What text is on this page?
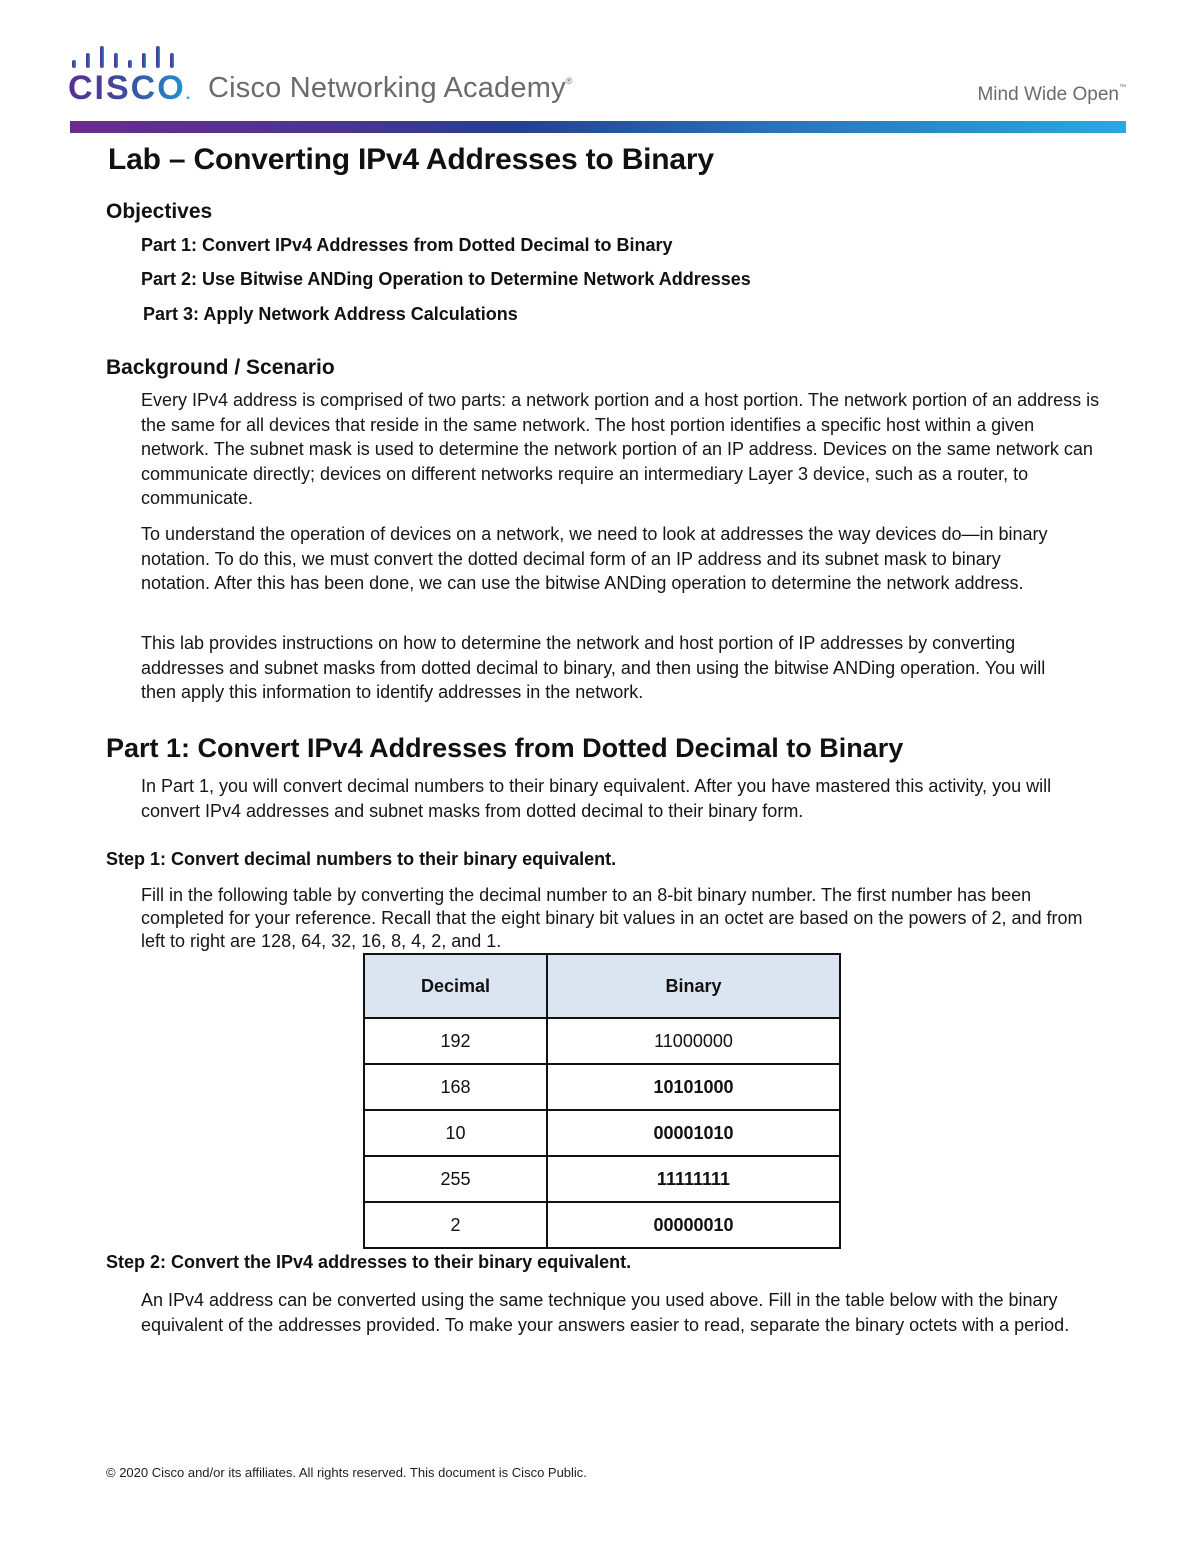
CISCO. Cisco Networking Academy®
Mind Wide Open™
Lab – Converting IPv4 Addresses to Binary
Objectives

Part 1: Convert IPv4 Addresses from Dotted Decimal to Binary

Part 2: Use Bitwise ANDing Operation to Determine Network Addresses

Part 3: Apply Network Address Calculations

Background / Scenario

Every IPv4 address is comprised of two parts: a network portion and a host portion. The network portion of an address is the same for all devices that reside in the same network. The host portion identifies a specific host within a given network. The subnet mask is used to determine the network portion of an IP address. Devices on the same network can communicate directly; devices on different networks require an intermediary Layer 3 device, such as a router, to communicate.

To understand the operation of devices on a network, we need to look at addresses the way devices do—in binary notation. To do this, we must convert the dotted decimal form of an IP address and its subnet mask to binary notation. After this has been done, we can use the bitwise ANDing operation to determine the network address.

This lab provides instructions on how to determine the network and host portion of IP addresses by converting addresses and subnet masks from dotted decimal to binary, and then using the bitwise ANDing operation. You will then apply this information to identify addresses in the network.

Part 1: Convert IPv4 Addresses from Dotted Decimal to Binary

In Part 1, you will convert decimal numbers to their binary equivalent. After you have mastered this activity, you will convert IPv4 addresses and subnet masks from dotted decimal to their binary form.

Step 1: Convert decimal numbers to their binary equivalent.

Fill in the following table by converting the decimal number to an 8-bit binary number. The first number has been completed for your reference. Recall that the eight binary bit values in an octet are based on the powers of 2, and from left to right are 128, 64, 32, 16, 8, 4, 2, and 1.

Decimal	Binary
192	11000000
168	10101000
10	00001010
255	11111111
2	00000010
Step 2: Convert the IPv4 addresses to their binary equivalent.

An IPv4 address can be converted using the same technique you used above. Fill in the table below with the binary equivalent of the addresses provided. To make your answers easier to read, separate the binary octets with a period.

© 2020 Cisco and/or its affiliates. All rights reserved. This document is Cisco Public.
